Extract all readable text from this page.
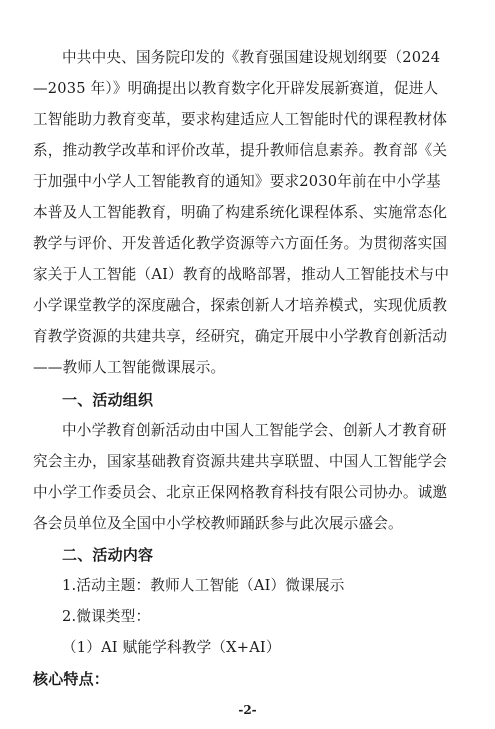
中共中央、国务院印发的《教育强国建设规划纲要（2024
—2035 年）》明确提出以教育数字化开辟发展新赛道，促进人
工智能助力教育变革，要求构建适应人工智能时代的课程教材体
系，推动教学改革和评价改革，提升教师信息素养。教育部《关
于加强中小学人工智能教育的通知》要求2030年前在中小学基
本普及人工智能教育，明确了构建系统化课程体系、实施常态化
教学与评价、开发普适化教学资源等六方面任务。为贯彻落实国
家关于人工智能（AI）教育的战略部署，推动人工智能技术与中
小学课堂教学的深度融合，探索创新人才培养模式，实现优质教
育教学资源的共建共享，经研究，确定开展中小学教育创新活动
——教师人工智能微课展示。
一、活动组织
中小学教育创新活动由中国人工智能学会、创新人才教育研
究会主办，国家基础教育资源共建共享联盟、中国人工智能学会
中小学工作委员会、北京正保网格教育科技有限公司协办。诚邀
各会员单位及全国中小学校教师踊跃参与此次展示盛会。
二、活动内容
1.活动主题：教师人工智能（AI）微课展示
2.微课类型：
（1）AI 赋能学科教学（X+AI）
核心特点：
-2-
